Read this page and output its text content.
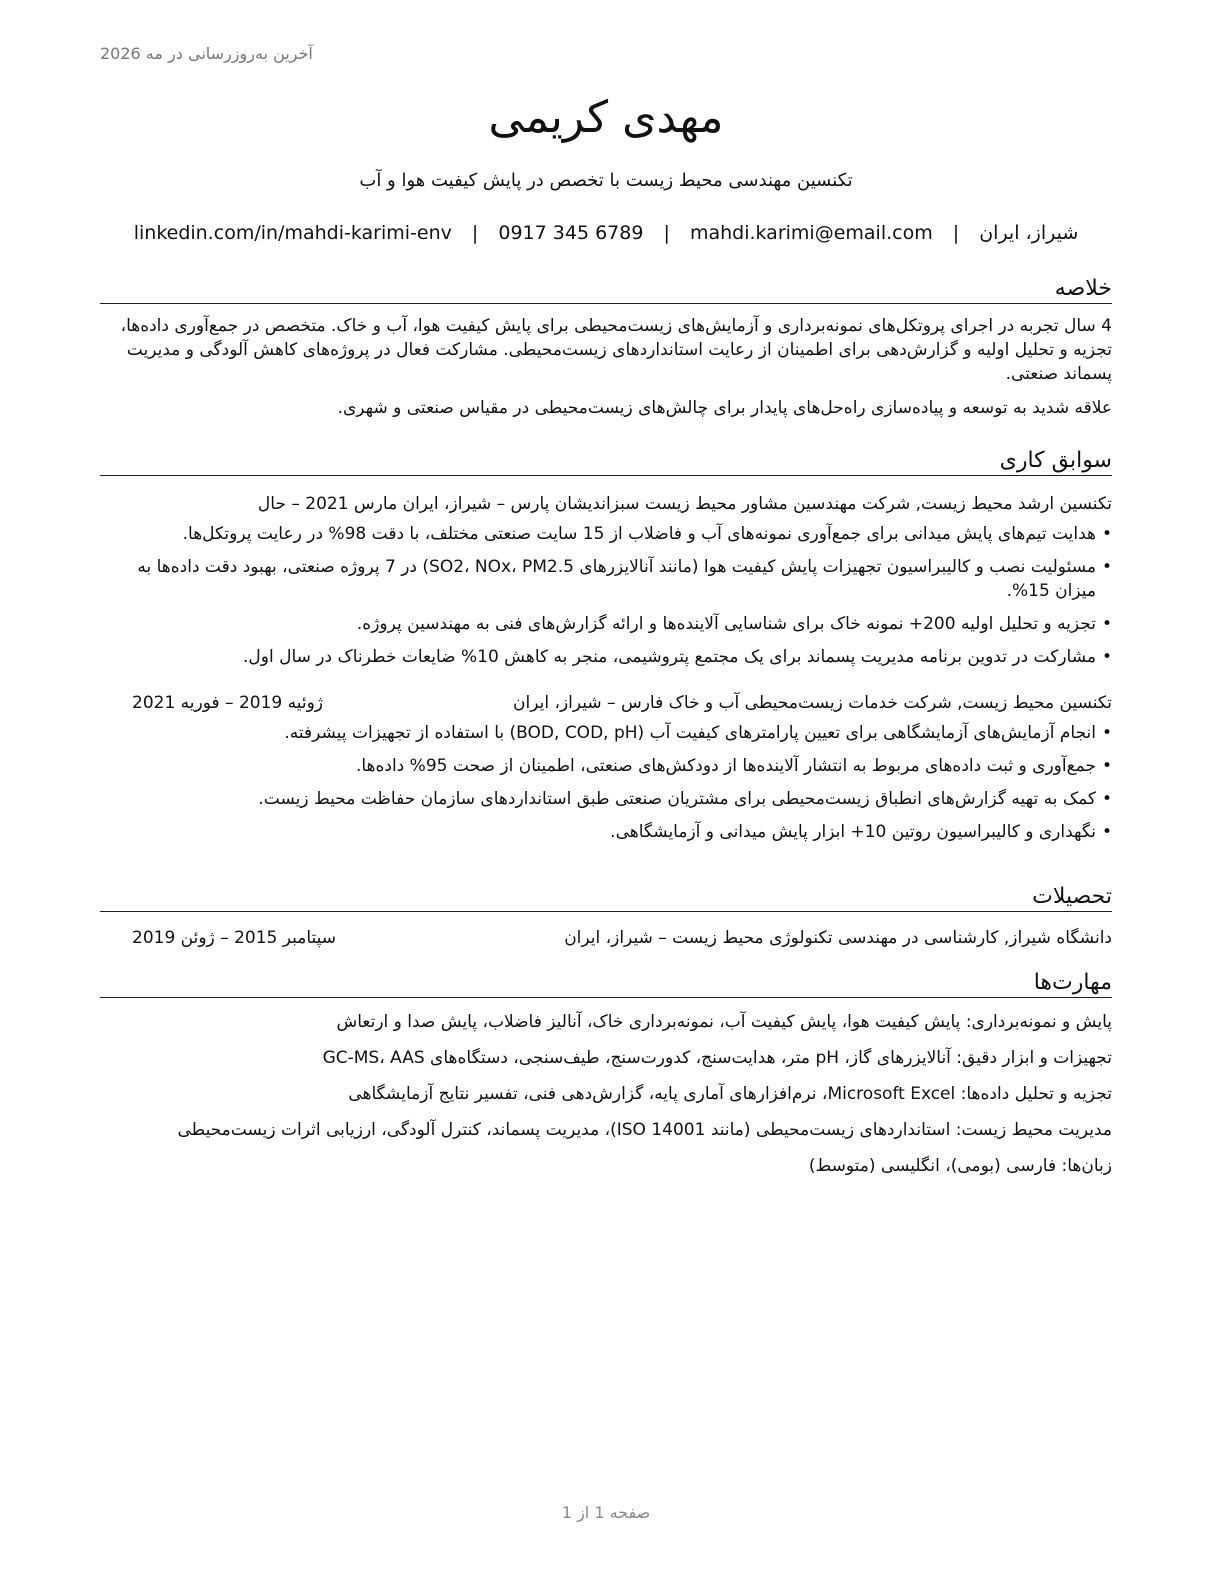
آخرین به‌روزرسانی در مه 2026
مهدی کریمی
تکنسین مهندسی محیط زیست با تخصص در پایش کیفیت هوا و آب
شیراز، ایران | mahdi.karimi@email.com | 0917 345 6789 | linkedin.com/in/mahdi-karimi-env
خلاصه

4 سال تجربه در اجرای پروتکل‌های نمونه‌برداری و آزمایش‌های زیست‌محیطی برای پایش کیفیت هوا، آب و خاک. متخصص در جمع‌آوری داده‌ها، تجزیه و تحلیل اولیه و گزارش‌دهی برای اطمینان از رعایت استانداردهای زیست‌محیطی. مشارکت فعال در پروژه‌های کاهش آلودگی و مدیریت پسماند صنعتی.

علاقه شدید به توسعه و پیاده‌سازی راه‌حل‌های پایدار برای چالش‌های زیست‌محیطی در مقیاس صنعتی و شهری.

سوابق کاری
تکنسین ارشد محیط زیست, شرکت مهندسین مشاور محیط زیست سبزاندیشان پارس – شیراز، ایران مارس 2021 – حال
• هدایت تیم‌های پایش میدانی برای جمع‌آوری نمونه‌های آب و فاضلاب از 15 سایت صنعتی مختلف، با دقت 98% در رعایت پروتکل‌ها.
• مسئولیت نصب و کالیبراسیون تجهیزات پایش کیفیت هوا (مانند آنالایزرهای SO2، NOx، PM2.5) در 7 پروژه صنعتی، بهبود دقت داده‌ها به میزان 15%.
• تجزیه و تحلیل اولیه 200+ نمونه خاک برای شناسایی آلاینده‌ها و ارائه گزارش‌های فنی به مهندسین پروژه.
• مشارکت در تدوین برنامه مدیریت پسماند برای یک مجتمع پتروشیمی، منجر به کاهش 10% ضایعات خطرناک در سال اول.
تکنسین محیط زیست, شرکت خدمات زیست‌محیطی آب و خاک فارس – شیراز، ایران
ژوئیه 2019 – فوریه 2021
• انجام آزمایش‌های آزمایشگاهی برای تعیین پارامترهای کیفیت آب (BOD, COD, pH) با استفاده از تجهیزات پیشرفته.
• جمع‌آوری و ثبت داده‌های مربوط به انتشار آلاینده‌ها از دودکش‌های صنعتی، اطمینان از صحت 95% داده‌ها.
• کمک به تهیه گزارش‌های انطباق زیست‌محیطی برای مشتریان صنعتی طبق استانداردهای سازمان حفاظت محیط زیست.
• نگهداری و کالیبراسیون روتین 10+ ابزار پایش میدانی و آزمایشگاهی.
تحصیلات
دانشگاه شیراز, کارشناسی در مهندسی تکنولوژی محیط زیست – شیراز، ایران
سپتامبر 2015 – ژوئن 2019
مهارت‌ها
پایش و نمونه‌برداری: پایش کیفیت هوا، پایش کیفیت آب، نمونه‌برداری خاک، آنالیز فاضلاب، پایش صدا و ارتعاش
تجهیزات و ابزار دقیق: آنالایزرهای گاز، pH متر، هدایت‌سنج، کدورت‌سنج، طیف‌سنجی، دستگاه‌های GC-MS، AAS
تجزیه و تحلیل داده‌ها: Microsoft Excel، نرم‌افزارهای آماری پایه، گزارش‌دهی فنی، تفسیر نتایج آزمایشگاهی
مدیریت محیط زیست: استانداردهای زیست‌محیطی (مانند ISO 14001)، مدیریت پسماند، کنترل آلودگی، ارزیابی اثرات زیست‌محیطی
زبان‌ها: فارسی (بومی)، انگلیسی (متوسط)
صفحه 1 از 1
